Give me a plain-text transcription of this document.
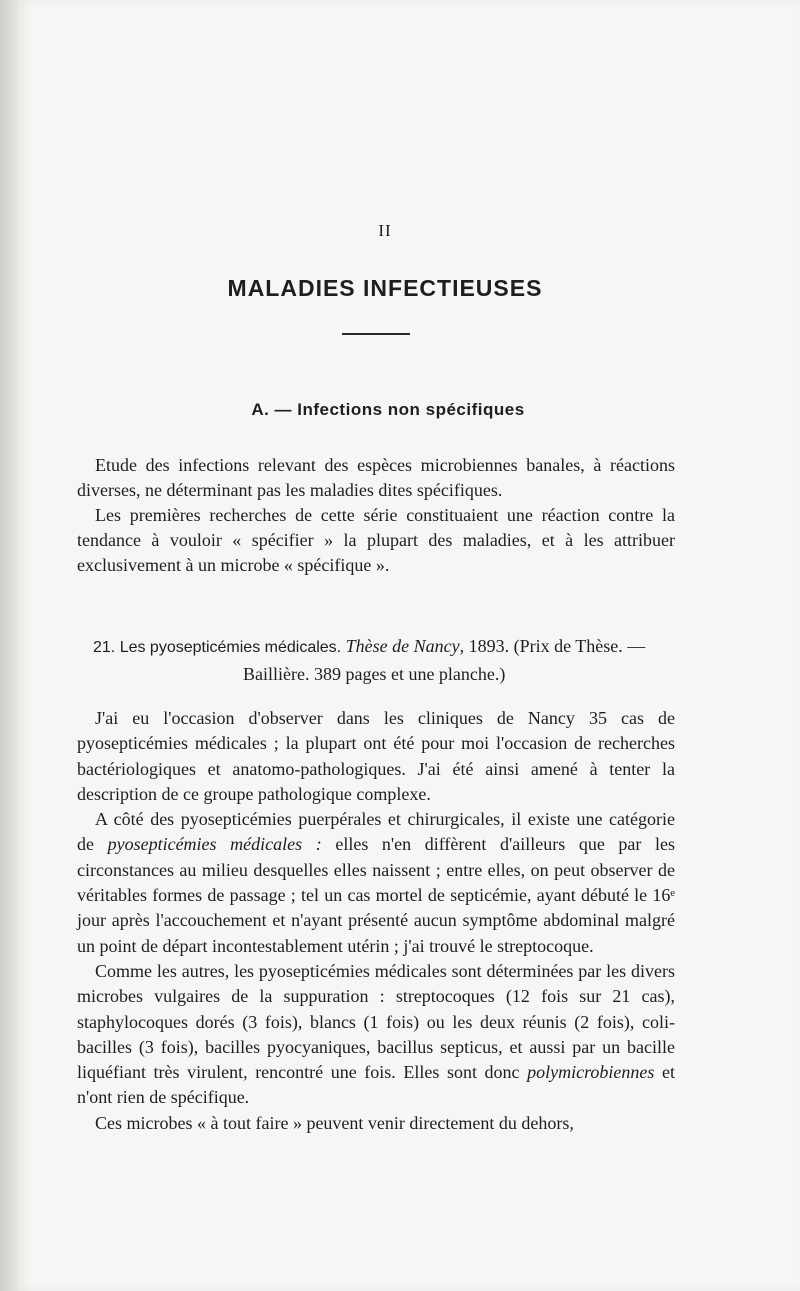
II
MALADIES INFECTIEUSES
A. — Infections non spécifiques

Etude des infections relevant des espèces microbiennes banales, à réactions diverses, ne déterminant pas les maladies dites spécifiques.

Les premières recherches de cette série constituaient une réaction contre la tendance à vouloir « spécifier » la plupart des maladies, et à les attribuer exclusivement à un microbe « spécifique ».

21. Les pyosepticémies médicales. Thèse de Nancy, 1893. (Prix de Thèse. —
Baillière. 389 pages et une planche.)

J'ai eu l'occasion d'observer dans les cliniques de Nancy 35 cas de pyosepticémies médicales ; la plupart ont été pour moi l'occasion de recherches bactériologiques et anatomo-pathologiques. J'ai été ainsi amené à tenter la description de ce groupe pathologique complexe.

A côté des pyosepticémies puerpérales et chirurgicales, il existe une catégorie de pyosepticémies médicales : elles n'en diffèrent d'ailleurs que par les circonstances au milieu desquelles elles naissent ; entre elles, on peut observer de véritables formes de passage ; tel un cas mortel de septicémie, ayant débuté le 16ᵉ jour après l'accouchement et n'ayant présenté aucun symptôme abdominal malgré un point de départ incontestablement utérin ; j'ai trouvé le streptocoque.

Comme les autres, les pyosepticémies médicales sont déterminées par les divers microbes vulgaires de la suppuration : streptocoques (12 fois sur 21 cas), staphylocoques dorés (3 fois), blancs (1 fois) ou les deux réunis (2 fois), coli-bacilles (3 fois), bacilles pyocyaniques, bacillus septicus, et aussi par un bacille liquéfiant très virulent, rencontré une fois. Elles sont donc polymicrobiennes et n'ont rien de spécifique.

Ces microbes « à tout faire » peuvent venir directement du dehors,
